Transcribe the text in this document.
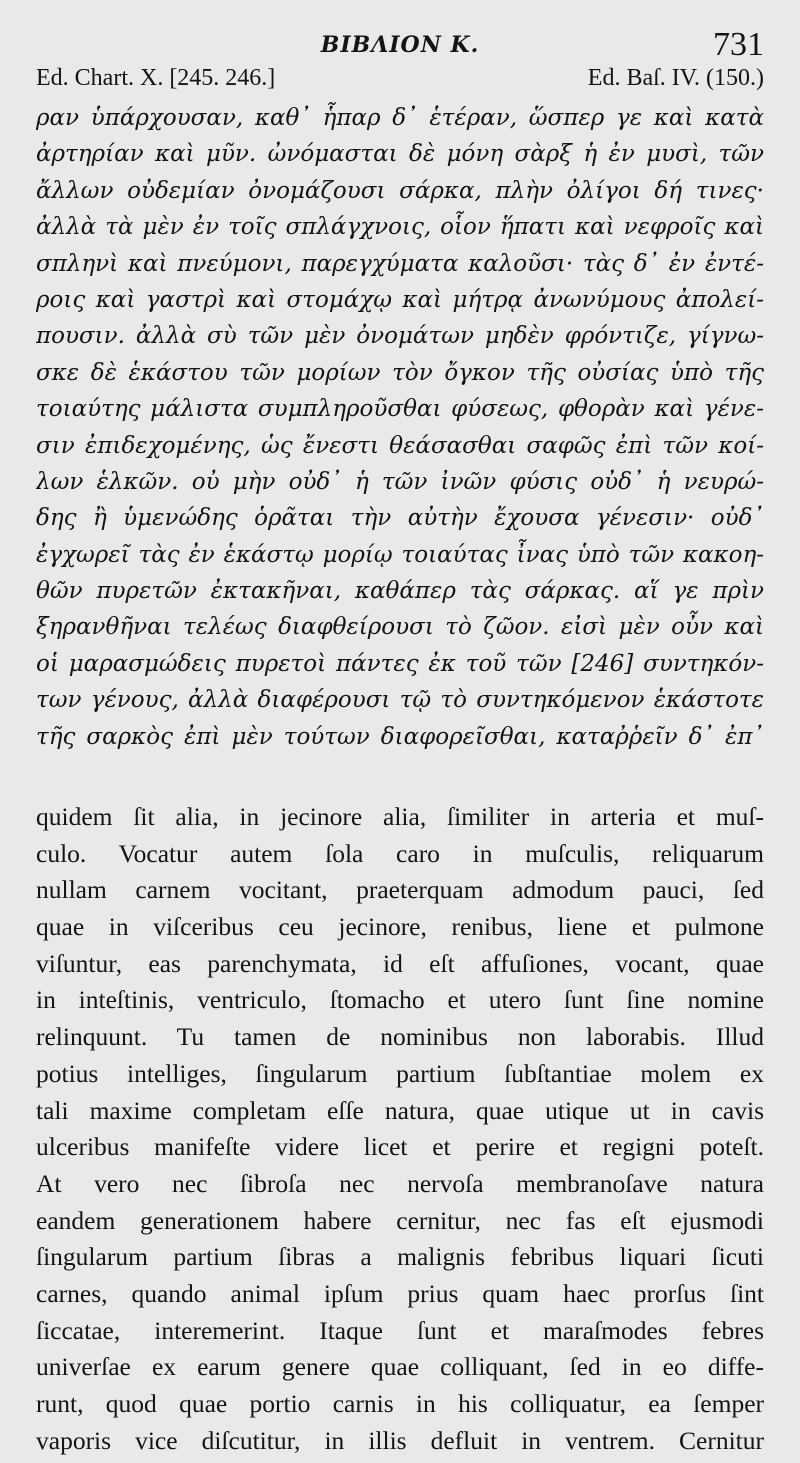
BIBΛION K.	731
Ed. Chart. X. [245. 246.]	Ed. Baſ. IV. (150.)
ραν ὑπάρχουσαν, καθ᾽ ἧπαρ δ᾽ ἑτέραν, ὥσπερ γε καὶ κατὰ
ἀρτηρίαν καὶ μῦν. ὠνόμασται δὲ μόνη σὰρξ ἡ ἐν μυσὶ, τῶν
ἄλλων οὐδεμίαν ὀνομάζουσι σάρκα, πλὴν ὀλίγοι δή τινες·
ἀλλὰ τὰ μὲν ἐν τοῖς σπλάγχνοις, οἷον ἥπατι καὶ νεφροῖς καὶ
σπληνὶ καὶ πνεύμονι, παρεγχύματα καλοῦσι· τὰς δ᾽ ἐν ἐντέ-
ροις καὶ γαστρὶ καὶ στομάχῳ καὶ μήτρᾳ ἀνωνύμους ἀπολεί-
πουσιν. ἀλλὰ σὺ τῶν μὲν ὀνομάτων μηδὲν φρόντιζε, γίγνω-
σκε δὲ ἑκάστου τῶν μορίων τὸν ὄγκον τῆς οὐσίας ὑπὸ τῆς
τοιαύτης μάλιστα συμπληροῦσθαι φύσεως, φθορὰν καὶ γένε-
σιν ἐπιδεχομένης, ὡς ἔνεστι θεάσασθαι σαφῶς ἐπὶ τῶν κοί-
λων ἑλκῶν. οὐ μὴν οὐδ᾽ ἡ τῶν ἰνῶν φύσις οὐδ᾽ ἡ νευρώ-
δης ἢ ὑμενώδης ὁρᾶται τὴν αὐτὴν ἔχουσα γένεσιν· οὐδ᾽
ἐγχωρεῖ τὰς ἐν ἑκάστῳ μορίῳ τοιαύτας ἶνας ὑπὸ τῶν κακοη-
θῶν πυρετῶν ἐκτακῆναι, καθάπερ τὰς σάρκας. αἵ γε πρὶν
ξηρανθῆναι τελέως διαφθείρουσι τὸ ζῶον. εἰσὶ μὲν οὖν καὶ
οἱ μαρασμώδεις πυρετοὶ πάντες ἐκ τοῦ τῶν [246] συντηκόν-
των γένους, ἀλλὰ διαφέρουσι τῷ τὸ συντηκόμενον ἑκάστοτε
τῆς σαρκὸς ἐπὶ μὲν τούτων διαφορεῖσθαι, καταῤῥεῖν δ᾽ ἐπ᾽
quidem ſit alia, in jecinore alia, ſimiliter in arteria et muſ-
culo. Vocatur autem ſola caro in muſculis, reliquarum
nullam carnem vocitant, praeterquam admodum pauci, ſed
quae in viſceribus ceu jecinore, renibus, liene et pulmone
viſuntur, eas parenchymata, id eſt affuſiones, vocant, quae
in inteſtinis, ventriculo, ſtomacho et utero ſunt ſine nomine
relinquunt. Tu tamen de nominibus non laborabis. Illud
potius intelliges, ſingularum partium ſubſtantiae molem ex
tali maxime completam eſſe natura, quae utique ut in cavis
ulceribus manifeſte videre licet et perire et regigni poteſt.
At vero nec ſibroſa nec nervoſa membranoſave natura
eandem generationem habere cernitur, nec fas eſt ejusmodi
ſingularum partium ſibras a malignis febribus liquari ſicuti
carnes, quando animal ipſum prius quam haec prorſus ſint
ſiccatae, interemerint. Itaque ſunt et maraſmodes febres
univerſae ex earum genere quae colliquant, ſed in eo diffe-
runt, quod quae portio carnis in his colliquatur, ea ſemper
vaporis vice diſcutitur, in illis defluit in ventrem. Cernitur
